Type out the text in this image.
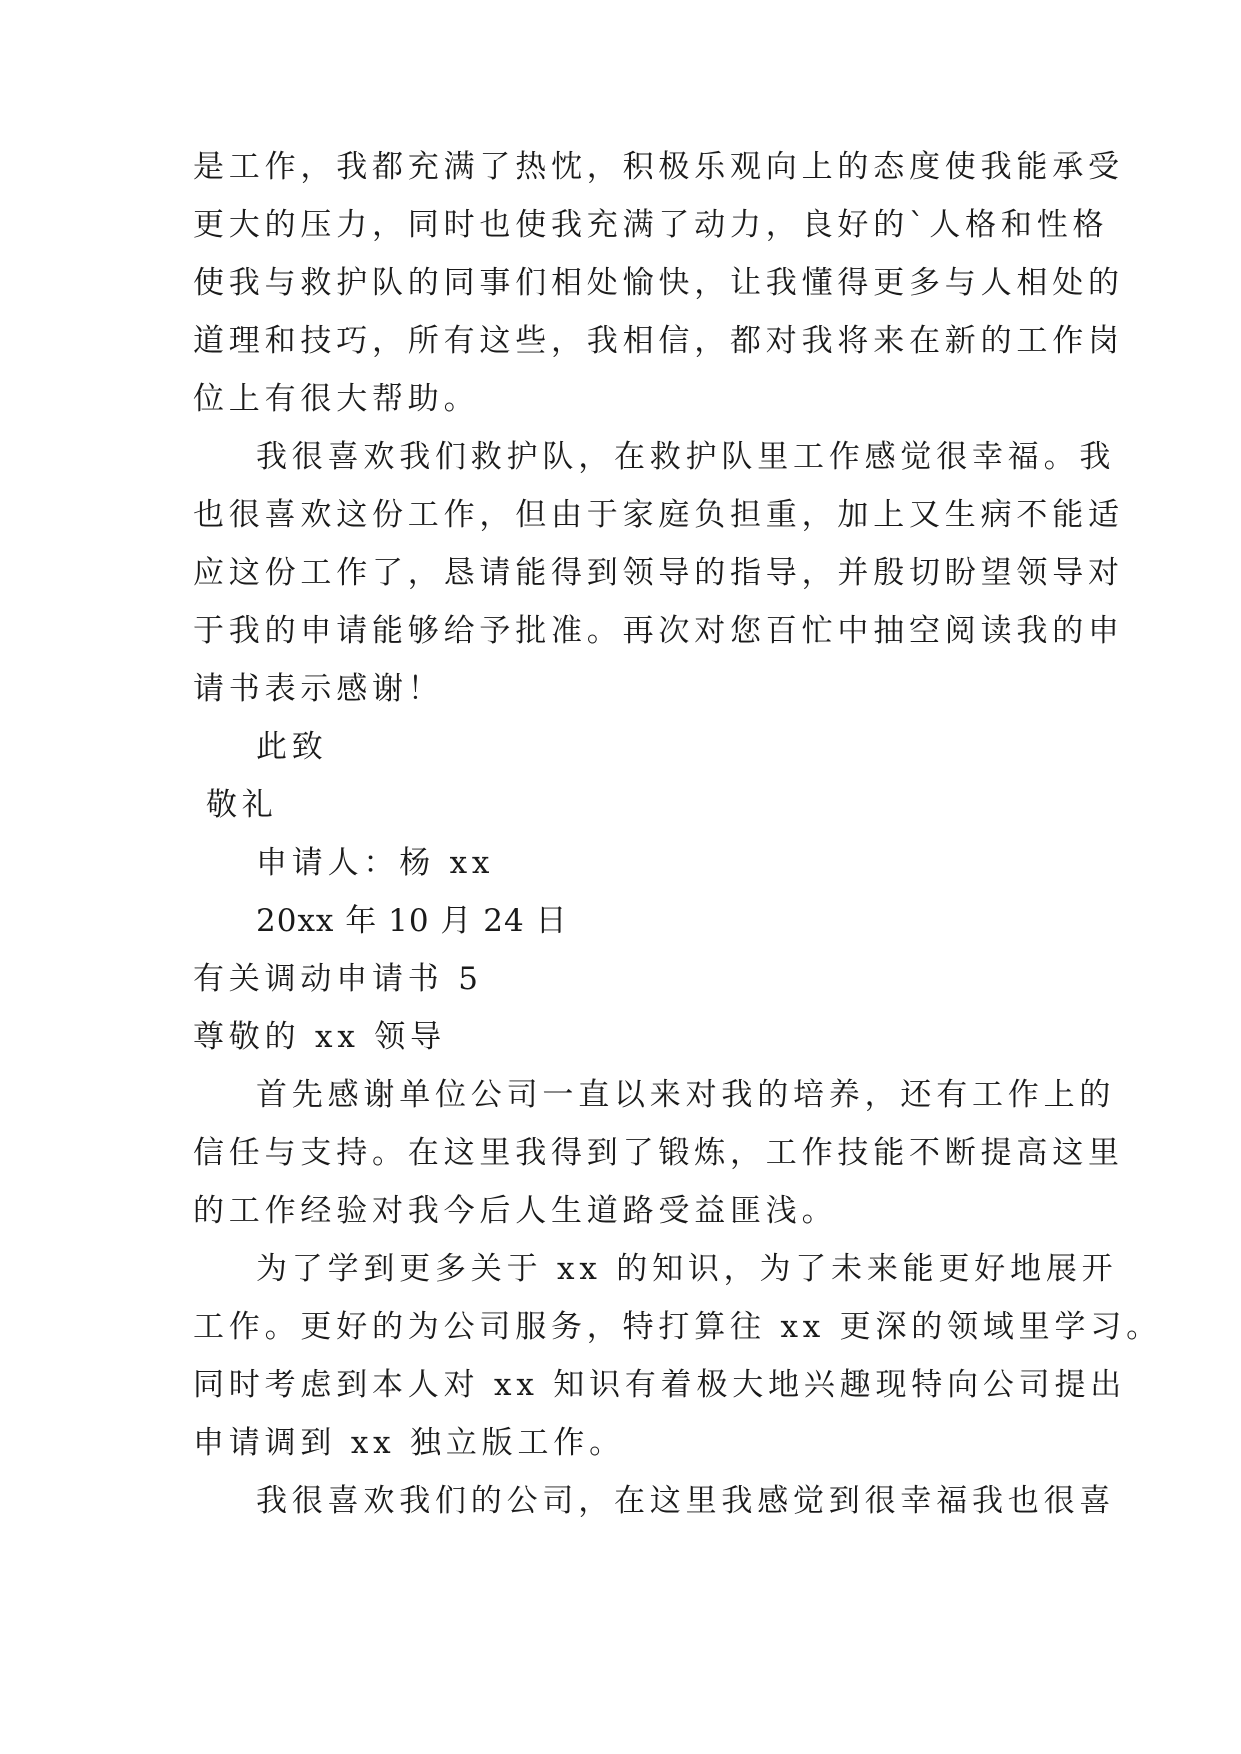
是工作，我都充满了热忱，积极乐观向上的态度使我能承受
更大的压力，同时也使我充满了动力，良好的`人格和性格
使我与救护队的同事们相处愉快，让我懂得更多与人相处的
道理和技巧，所有这些，我相信，都对我将来在新的工作岗
位上有很大帮助。
我很喜欢我们救护队，在救护队里工作感觉很幸福。我
也很喜欢这份工作，但由于家庭负担重，加上又生病不能适
应这份工作了，恳请能得到领导的指导，并殷切盼望领导对
于我的申请能够给予批准。再次对您百忙中抽空阅读我的申
请书表示感谢！
此致
敬礼
申请人：杨 xx
20xx 年 10 月 24 日
有关调动申请书 5
尊敬的 xx 领导
首先感谢单位公司一直以来对我的培养，还有工作上的
信任与支持。在这里我得到了锻炼，工作技能不断提高这里
的工作经验对我今后人生道路受益匪浅。
为了学到更多关于 xx 的知识，为了未来能更好地展开
工作。更好的为公司服务，特打算往 xx 更深的领域里学习。
同时考虑到本人对 xx 知识有着极大地兴趣现特向公司提出
申请调到 xx 独立版工作。
我很喜欢我们的公司，在这里我感觉到很幸福我也很喜
